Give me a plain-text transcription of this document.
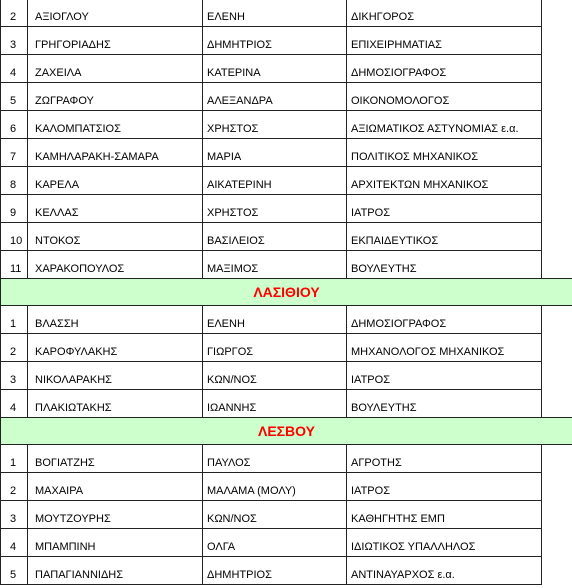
2	ΑΞΙΟΓΛΟΥ	ΕΛΕΝΗ	ΔΙΚΗΓΟΡΟΣ	
3	ΓΡΗΓΟΡΙΑΔΗΣ	ΔΗΜΗΤΡΙΟΣ	ΕΠΙΧΕΙΡΗΜΑΤΙΑΣ	
4	ΖΑΧΕΙΛΑ	ΚΑΤΕΡΙΝΑ	ΔΗΜΟΣΙΟΓΡΑΦΟΣ	
5	ΖΩΓΡΑΦΟΥ	ΑΛΕΞΑΝΔΡΑ	ΟΙΚΟΝΟΜΟΛΟΓΟΣ	
6	ΚΑΛΟΜΠΑΤΣΙΟΣ	ΧΡΗΣΤΟΣ	ΑΞΙΩΜΑΤΙΚΟΣ ΑΣΤΥΝΟΜΙΑΣ ε.α.	
7	ΚΑΜΗΛΑΡΑΚΗ-ΣΑΜΑΡΑ	ΜΑΡΙΑ	ΠΟΛΙΤΙΚΟΣ ΜΗΧΑΝΙΚΟΣ	
8	ΚΑΡΕΛΑ	ΑΙΚΑΤΕΡΙΝΗ	ΑΡΧΙΤΕΚΤΩΝ ΜΗΧΑΝΙΚΟΣ	
9	ΚΕΛΛΑΣ	ΧΡΗΣΤΟΣ	ΙΑΤΡΟΣ	
10	ΝΤΟΚΟΣ	ΒΑΣΙΛΕΙΟΣ	ΕΚΠΑΙΔΕΥΤΙΚΟΣ	
11	ΧΑΡΑΚΟΠΟΥΛΟΣ	ΜΑΞΙΜΟΣ	ΒΟΥΛΕΥΤΗΣ	
ΛΑΣΙΘΙΟΥ				
1	ΒΛΑΣΣΗ	ΕΛΕΝΗ	ΔΗΜΟΣΙΟΓΡΑΦΟΣ	
2	ΚΑΡΟΦΥΛΑΚΗΣ	ΓΙΩΡΓΟΣ	ΜΗΧΑΝΟΛΟΓΟΣ ΜΗΧΑΝΙΚΟΣ	
3	ΝΙΚΟΛΑΡΑΚΗΣ	ΚΩΝ/ΝΟΣ	ΙΑΤΡΟΣ	
4	ΠΛΑΚΙΩΤΑΚΗΣ	ΙΩΑΝΝΗΣ	ΒΟΥΛΕΥΤΗΣ	
ΛΕΣΒΟΥ				
1	ΒΟΓΙΑΤΖΗΣ	ΠΑΥΛΟΣ	ΑΓΡΟΤΗΣ	
2	ΜΑΧΑΙΡΑ	ΜΑΛΑΜΑ (ΜΟΛΥ)	ΙΑΤΡΟΣ	
3	ΜΟΥΤΖΟΥΡΗΣ	ΚΩΝ/ΝΟΣ	ΚΑΘΗΓΗΤΗΣ ΕΜΠ	
4	ΜΠΑΜΠΙΝΗ	ΟΛΓΑ	ΙΔΙΩΤΙΚΟΣ ΥΠΑΛΛΗΛΟΣ	
5	ΠΑΠΑΓΙΑΝΝΙΔΗΣ	ΔΗΜΗΤΡΙΟΣ	ΑΝΤΙΝΑΥΑΡΧΟΣ ε.α.	
